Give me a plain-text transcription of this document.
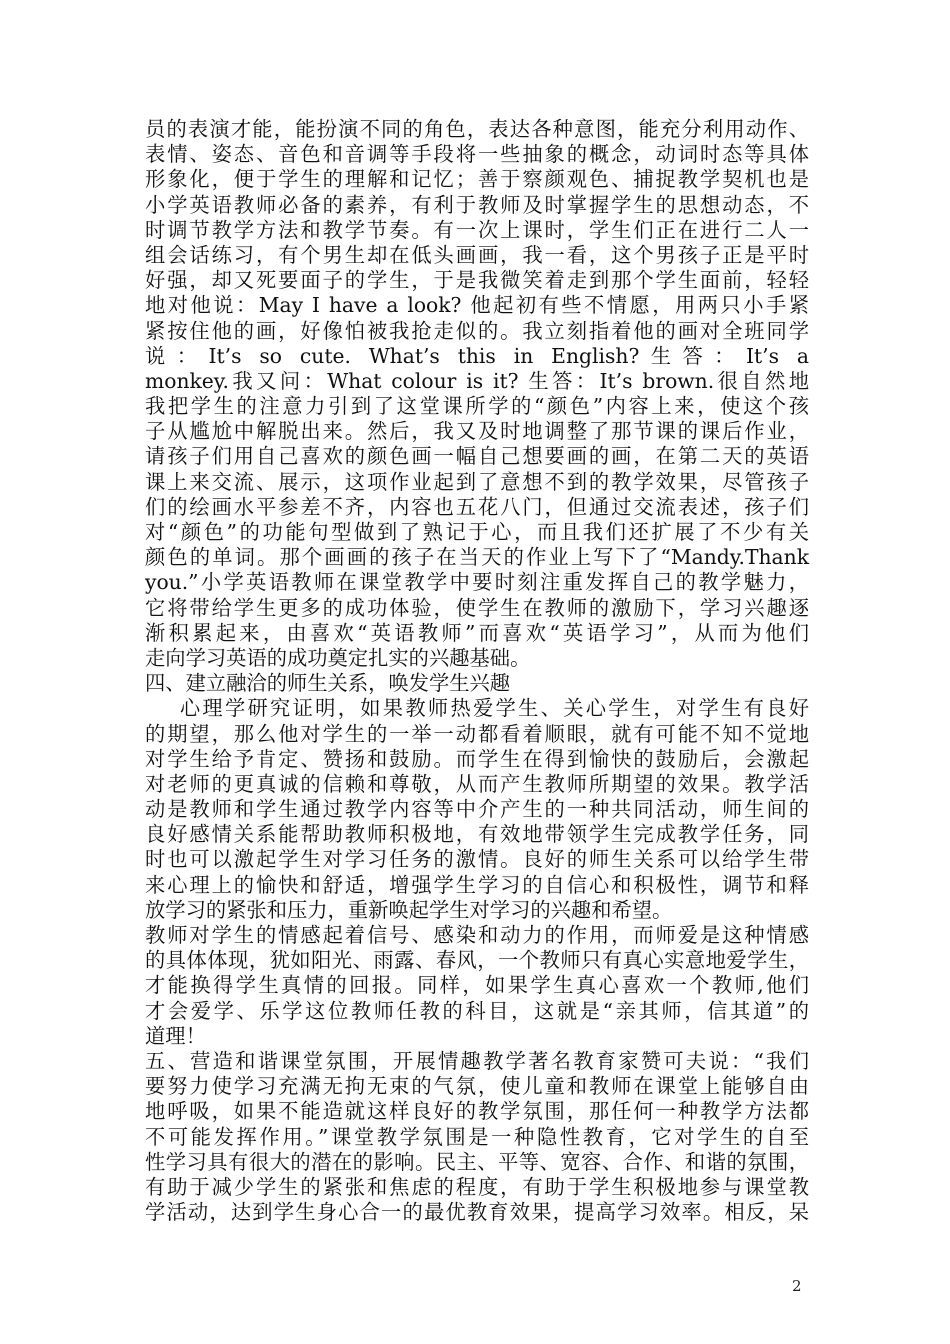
员的表演才能，能扮演不同的角色，表达各种意图，能充分利用动作、
表情、姿态、音色和音调等手段将一些抽象的概念，动词时态等具体
形象化，便于学生的理解和记忆；善于察颜观色、捕捉教学契机也是
小学英语教师必备的素养，有利于教师及时掌握学生的思想动态，不
时调节教学方法和教学节奏。有一次上课时，学生们正在进行二人一
组会话练习，有个男生却在低头画画，我一看，这个男孩子正是平时
好强，却又死要面子的学生，于是我微笑着走到那个学生面前，轻轻
地对他说：May I have a look? 他起初有些不情愿，用两只小手紧
紧按住他的画，好像怕被我抢走似的。我立刻指着他的画对全班同学
说：It’s so cute. What’s this in English?生答：It’s a
monkey.我又问：What colour is it? 生答：It’s brown.很自然地
我把学生的注意力引到了这堂课所学的“颜色”内容上来，使这个孩
子从尴尬中解脱出来。然后，我又及时地调整了那节课的课后作业，
请孩子们用自己喜欢的颜色画一幅自己想要画的画，在第二天的英语
课上来交流、展示，这项作业起到了意想不到的教学效果，尽管孩子
们的绘画水平参差不齐，内容也五花八门，但通过交流表述，孩子们
对“颜色”的功能句型做到了熟记于心，而且我们还扩展了不少有关
颜色的单词。那个画画的孩子在当天的作业上写下了“Mandy.Thank
you.”小学英语教师在课堂教学中要时刻注重发挥自己的教学魅力，
它将带给学生更多的成功体验，使学生在教师的激励下，学习兴趣逐
渐积累起来，由喜欢“英语教师”而喜欢“英语学习”，从而为他们
走向学习英语的成功奠定扎实的兴趣基础。
四、建立融洽的师生关系，唤发学生兴趣
心理学研究证明，如果教师热爱学生、关心学生，对学生有良好
的期望，那么他对学生的一举一动都看着顺眼，就有可能不知不觉地
对学生给予肯定、赞扬和鼓励。而学生在得到愉快的鼓励后，会激起
对老师的更真诚的信赖和尊敬，从而产生教师所期望的效果。教学活
动是教师和学生通过教学内容等中介产生的一种共同活动，师生间的
良好感情关系能帮助教师积极地，有效地带领学生完成教学任务，同
时也可以激起学生对学习任务的激情。良好的师生关系可以给学生带
来心理上的愉快和舒适，增强学生学习的自信心和积极性，调节和释
放学习的紧张和压力，重新唤起学生对学习的兴趣和希望。
教师对学生的情感起着信号、感染和动力的作用，而师爱是这种情感
的具体体现，犹如阳光、雨露、春风，一个教师只有真心实意地爱学生，
才能换得学生真情的回报。同样，如果学生真心喜欢一个教师,他们
才会爱学、乐学这位教师任教的科目，这就是“亲其师，信其道”的
道理！
五、营造和谐课堂氛围，开展情趣教学著名教育家赞可夫说：“我们
要努力使学习充满无拘无束的气氛，使儿童和教师在课堂上能够自由
地呼吸，如果不能造就这样良好的教学氛围，那任何一种教学方法都
不可能发挥作用。”课堂教学氛围是一种隐性教育，它对学生的自至
性学习具有很大的潜在的影响。民主、平等、宽容、合作、和谐的氛围，
有助于减少学生的紧张和焦虑的程度，有助于学生积极地参与课堂教
学活动，达到学生身心合一的最优教育效果，提高学习效率。相反，呆
2
